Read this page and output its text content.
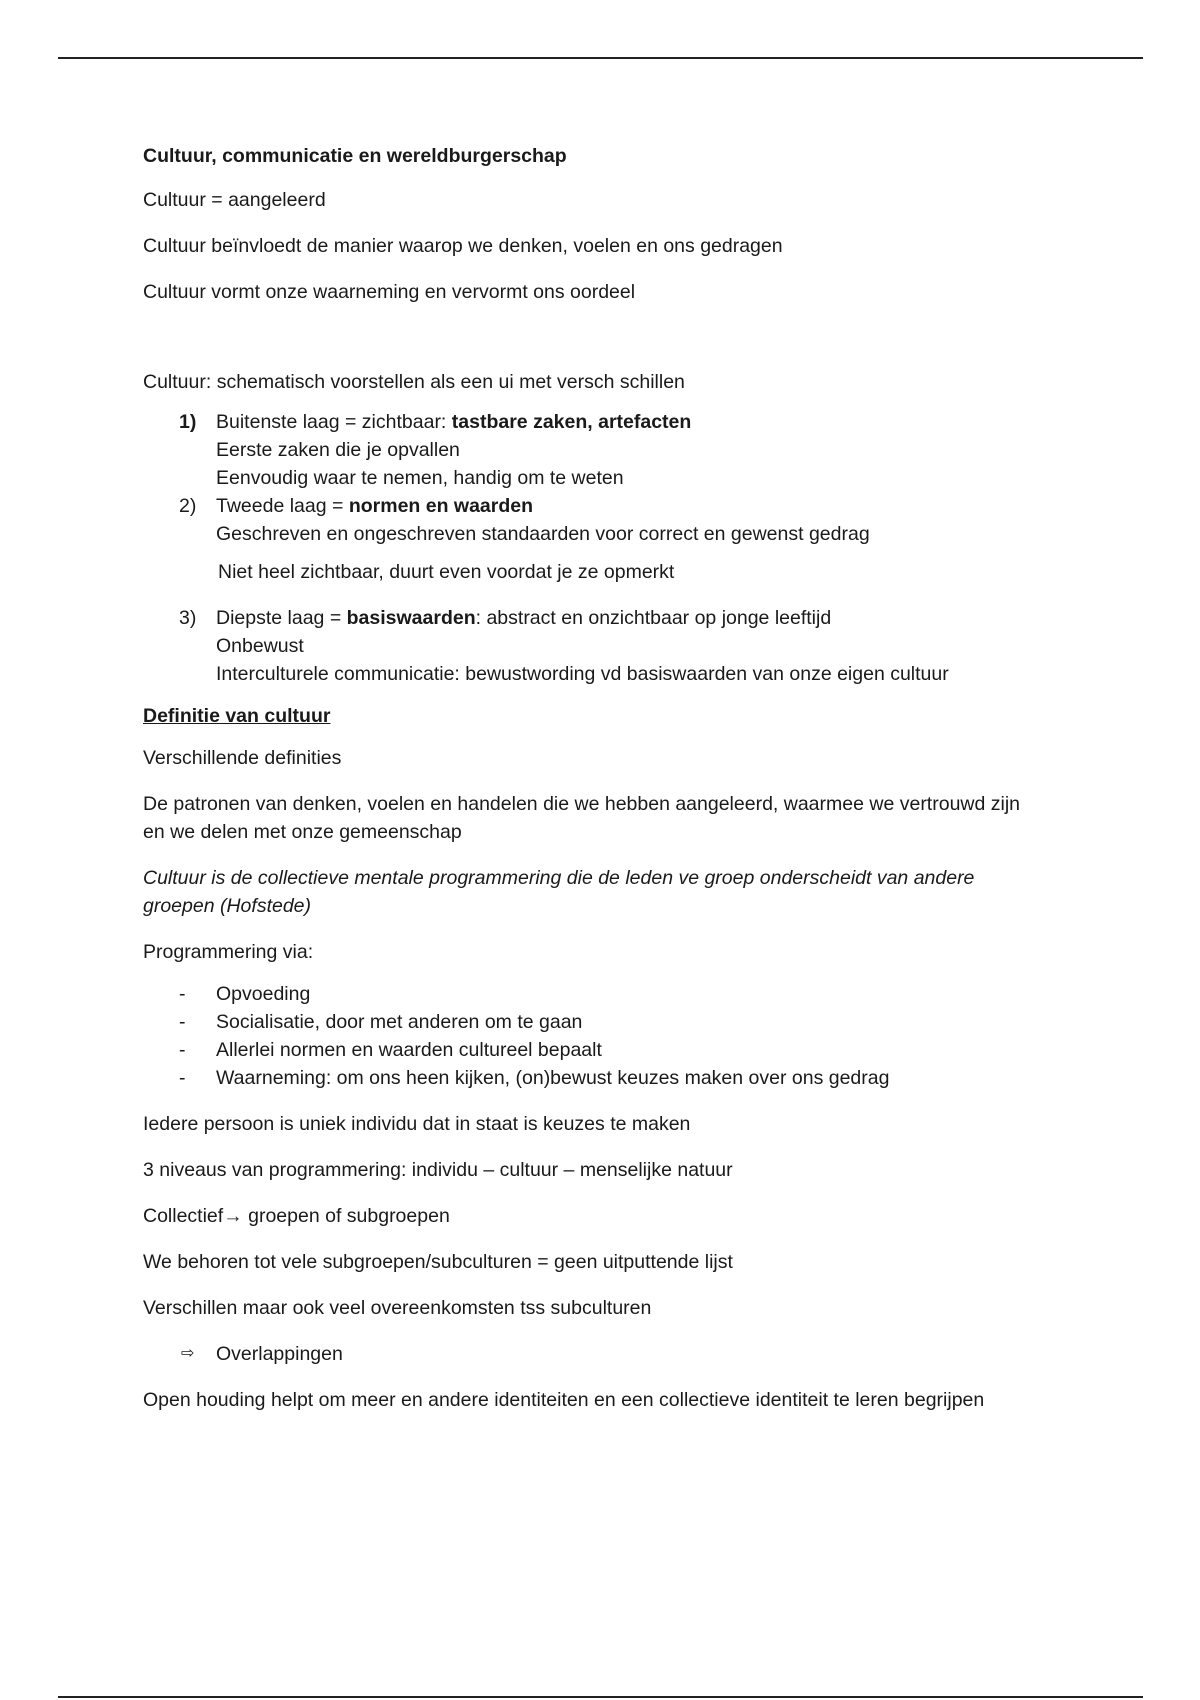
Cultuur, communicatie en wereldburgerschap

Cultuur = aangeleerd

Cultuur beïnvloedt de manier waarop we denken, voelen en ons gedragen

Cultuur vormt onze waarneming en vervormt ons oordeel

Cultuur: schematisch voorstellen als een ui met versch schillen

1) Buitenste laag = zichtbaar: tastbare zaken, artefacten
Eerste zaken die je opvallen
Eenvoudig waar te nemen, handig om te weten
2) Tweede laag = normen en waarden
Geschreven en ongeschreven standaarden voor correct en gewenst gedrag

Niet heel zichtbaar, duurt even voordat je ze opmerkt

3) Diepste laag = basiswaarden: abstract en onzichtbaar op jonge leeftijd
Onbewust
Interculturele communicatie: bewustwording vd basiswaarden van onze eigen cultuur

Definitie van cultuur

Verschillende definities

De patronen van denken, voelen en handelen die we hebben aangeleerd, waarmee we vertrouwd zijn en we delen met onze gemeenschap

Cultuur is de collectieve mentale programmering die de leden ve groep onderscheidt van andere groepen (Hofstede)

Programmering via:

- Opvoeding
- Socialisatie, door met anderen om te gaan
- Allerlei normen en waarden cultureel bepaalt
- Waarneming: om ons heen kijken, (on)bewust keuzes maken over ons gedrag

Iedere persoon is uniek individu dat in staat is keuzes te maken

3 niveaus van programmering: individu – cultuur – menselijke natuur

Collectief→ groepen of subgroepen

We behoren tot vele subgroepen/subculturen = geen uitputtende lijst

Verschillen maar ook veel overeenkomsten tss subculturen

⇨ Overlappingen

Open houding helpt om meer en andere identiteiten en een collectieve identiteit te leren begrijpen
